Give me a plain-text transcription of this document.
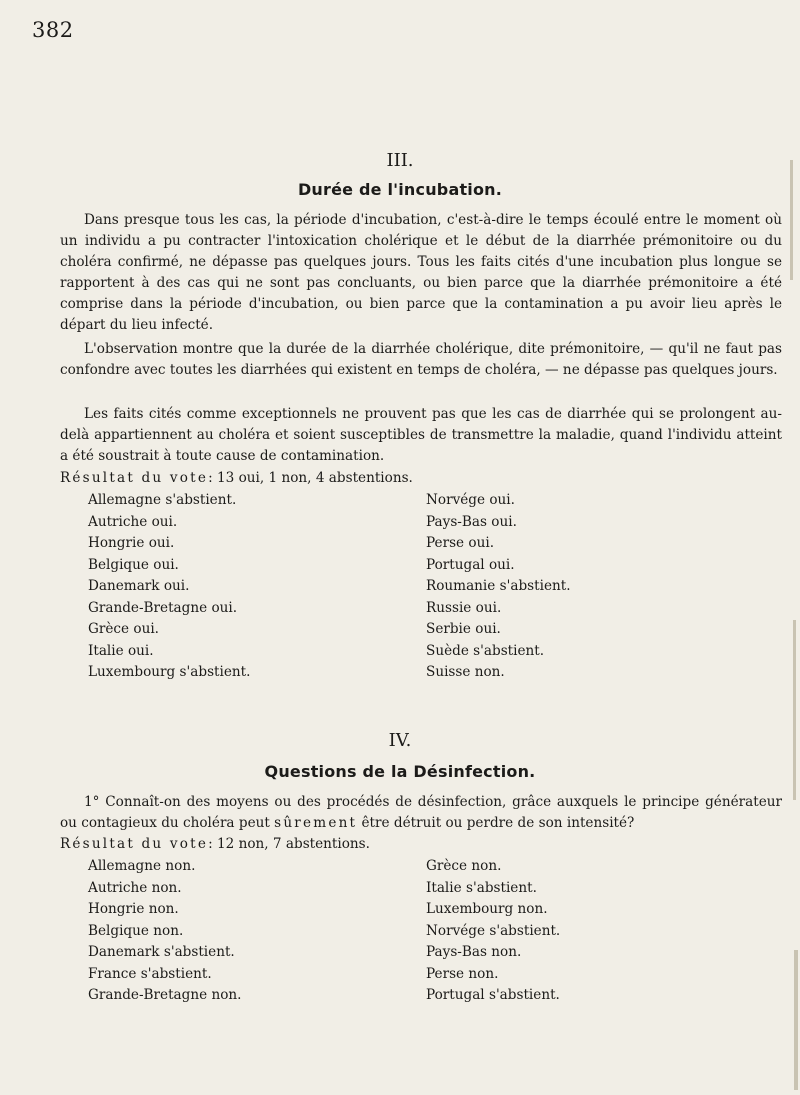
382
III.
Durée de l'incubation.

Dans presque tous les cas, la période d'incubation, c'est-à-dire le temps écoulé entre le moment où un individu a pu contracter l'intoxication cholérique et le début de la diarrhée prémonitoire ou du choléra confirmé, ne dépasse pas quelques jours. Tous les faits cités d'une incubation plus longue se rapportent à des cas qui ne sont pas concluants, ou bien parce que la diarrhée prémonitoire a été comprise dans la période d'incubation, ou bien parce que la contamination a pu avoir lieu après le départ du lieu infecté.

L'observation montre que la durée de la diarrhée cholérique, dite prémonitoire, — qu'il ne faut pas confondre avec toutes les diarrhées qui existent en temps de choléra, — ne dépasse pas quelques jours.

Les faits cités comme exceptionnels ne prouvent pas que les cas de diarrhée qui se prolongent au-delà appartiennent au choléra et soient susceptibles de transmettre la maladie, quand l'individu atteint a été soustrait à toute cause de contamination.

Résultat du vote: 13 oui, 1 non, 4 abstentions.
Allemagne s'abstient.
Autriche oui.
Hongrie oui.
Belgique oui.
Danemark oui.
Grande-Bretagne oui.
Grèce oui.
Italie oui.
Luxembourg s'abstient.
Norvége oui.
Pays-Bas oui.
Perse oui.
Portugal oui.
Roumanie s'abstient.
Russie oui.
Serbie oui.
Suède s'abstient.
Suisse non.
IV.
Questions de la Désinfection.

1° Connaît-on des moyens ou des procédés de désinfection, grâce auxquels le principe générateur ou contagieux du choléra peut sûrement être détruit ou perdre de son intensité?

Résultat du vote: 12 non, 7 abstentions.
Allemagne non.
Autriche non.
Hongrie non.
Belgique non.
Danemark s'abstient.
France s'abstient.
Grande-Bretagne non.
Grèce non.
Italie s'abstient.
Luxembourg non.
Norvége s'abstient.
Pays-Bas non.
Perse non.
Portugal s'abstient.
